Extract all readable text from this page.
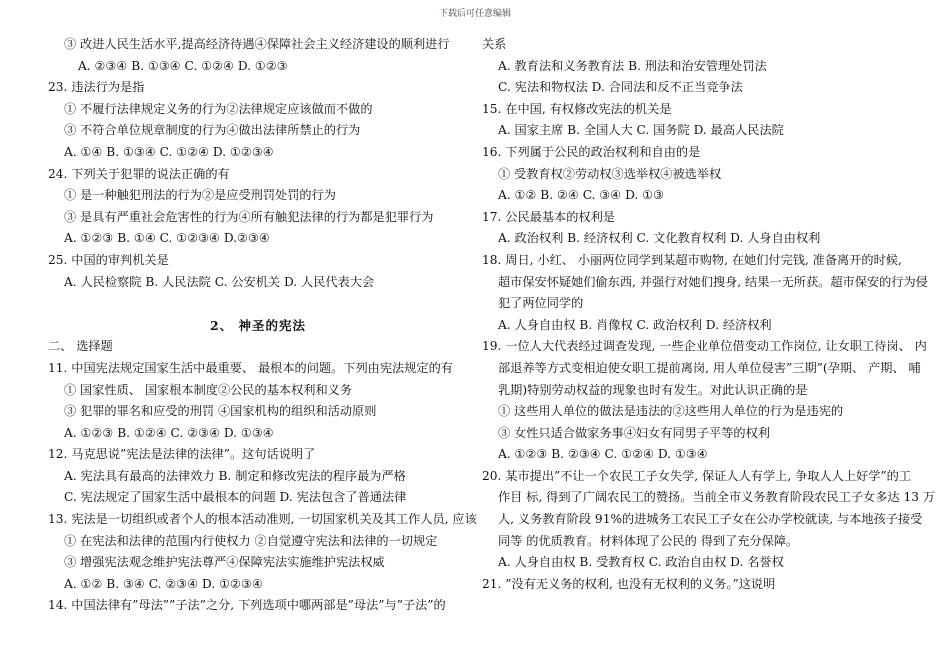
下载后可任意编辑
③ 改进人民生活水平,提高经济待遇④保障社会主义经济建设的顺利进行
A. ②③④ B. ①③④ C. ①②④ D. ①②③
23. 违法行为是指
① 不履行法律规定义务的行为②法律规定应该做而不做的
③ 不符合单位规章制度的行为④做出法律所禁止的行为
A. ①④ B. ①③④ C. ①②④ D. ①②③④
24. 下列关于犯罪的说法正确的有
① 是一种触犯刑法的行为②是应受刑罚处罚的行为
③ 是具有严重社会危害性的行为④所有触犯法律的行为都是犯罪行为
A. ①②③ B. ①④ C. ①②③④ D.②③④
25. 中国的审判机关是
A. 人民检察院 B. 人民法院 C. 公安机关 D. 人民代表大会
2、 神圣的宪法
二、 选择题
11. 中国宪法规定国家生活中最重要、 最根本的问题。下列由宪法规定的有
① 国家性质、 国家根本制度②公民的基本权利和义务
③ 犯罪的罪名和应受的刑罚 ④国家机构的组织和活动原则
A. ①②③ B. ①②④ C. ②③④ D. ①③④
12. 马克思说”宪法是法律的法律”。这句话说明了
A. 宪法具有最高的法律效力 B. 制定和修改宪法的程序最为严格
C. 宪法规定了国家生活中最根本的问题 D. 宪法包含了普通法律
13. 宪法是一切组织或者个人的根本活动准则, 一切国家机关及其工作人员, 应该
① 在宪法和法律的范围内行使权力 ②自觉遵守宪法和法律的一切规定
③ 增强宪法观念维护宪法尊严④保障宪法实施维护宪法权威
A. ①② B. ③④ C. ②③④ D. ①②③④
14. 中国法律有”母法””子法”之分, 下列选项中哪两部是”母法”与”子法”的
关系
A. 教育法和义务教育法 B. 刑法和治安管理处罚法
C. 宪法和物权法 D. 合同法和反不正当竞争法
15. 在中国, 有权修改宪法的机关是
A. 国家主席 B. 全国人大 C. 国务院 D. 最高人民法院
16. 下列属于公民的政治权利和自由的是
① 受教育权②劳动权③选举权④被选举权
A. ①② B. ②④ C. ③④ D. ①③
17. 公民最基本的权利是
A. 政治权利 B. 经济权利 C. 文化教育权利 D. 人身自由权利
18. 周日, 小红、 小丽两位同学到某超市购物, 在她们付完钱, 准备离开的时候,
超市保安怀疑她们偷东西, 并强行对她们搜身, 结果一无所获。超市保安的行为侵
犯了两位同学的
A. 人身自由权 B. 肖像权 C. 政治权利 D. 经济权利
19. 一位人大代表经过调查发现, 一些企业单位借变动工作岗位, 让女职工待岗、 内
部退养等方式变相迫使女职工提前离岗, 用人单位侵害”三期”(孕期、 产期、 哺
乳期)特别劳动权益的现象也时有发生。对此认识正确的是
① 这些用人单位的做法是违法的②这些用人单位的行为是违宪的
③ 女性只适合做家务事④妇女有同男子平等的权利
A. ①②③ B. ②③④ C. ①②④ D. ①③④
20. 某市提出”不让一个农民工子女失学, 保证人人有学上, 争取人人上好学”的工
作目 标, 得到了广阔农民工的赞扬。当前全市义务教育阶段农民工子女多达 13 万
人, 义务教育阶段 91%的进城务工农民工子女在公办学校就读, 与本地孩子接受
同等 的优质教育。材料体现了公民的 得到了充分保障。
A. 人身自由权 B. 受教育权 C. 政治自由权 D. 名誉权
21. ”没有无义务的权利, 也没有无权利的义务。”这说明
